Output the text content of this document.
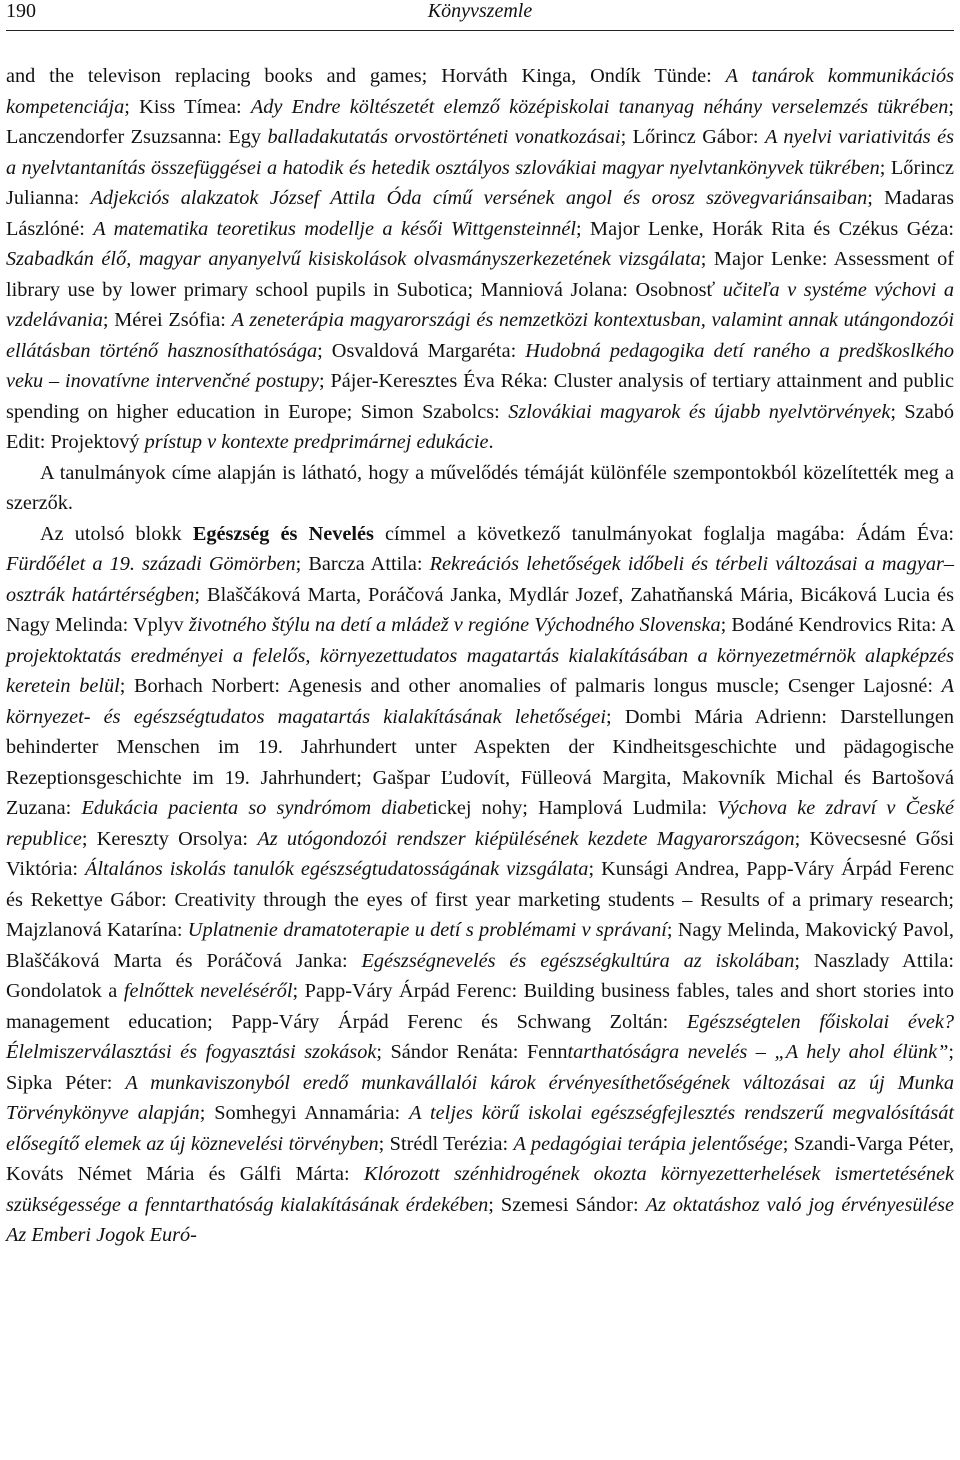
190	Könyvszemle

and the televison replacing books and games; Horváth Kinga, Ondík Tünde: A tanárok kommunikációs kompetenciája; Kiss Tímea: Ady Endre költészetét elemző középiskolai tananyag néhány verselemzés tükrében; Lanczendorfer Zsuzsanna: Egy balladakutatás orvostörténeti vonatkozásai; Lőrincz Gábor: A nyelvi variativitás és a nyelvtantanítás összefüggései a hatodik és hetedik osztályos szlovákiai magyar nyelvtankönyvek tükrében; Lőrincz Julianna: Adjekciós alakzatok József Attila Óda című versének angol és orosz szövegvariánsaiban; Madaras Lászlóné: A matematika teoretikus modellje a késői Wittgensteinnél; Major Lenke, Horák Rita és Czékus Géza: Szabadkán élő, magyar anyanyelvű kisiskolások olvasmányszerkezetének vizsgálata; Major Lenke: Assessment of library use by lower primary school pupils in Subotica; Manniová Jolana: Osobnosť učiteľa v systéme výchovi a vzdelávania; Mérei Zsófia: A zeneterápia magyarországi és nemzetközi kontextusban, valamint annak utángondozói ellátásban történő hasznosíthatósága; Osvaldová Margaréta: Hudobná pedagogika detí raného a predškoslkého veku – inovatívne intervenčné postupy; Pájer-Keresztes Éva Réka: Cluster analysis of tertiary attainment and public spending on higher education in Europe; Simon Szabolcs: Szlovákiai magyarok és újabb nyelvtörvények; Szabó Edit: Projektový prístup v kontexte predprimárnej edukácie.

A tanulmányok címe alapján is látható, hogy a művelődés témáját különféle szempontokból közelítették meg a szerzők.

Az utolsó blokk Egészség és Nevelés címmel a következő tanulmányokat foglalja magába: Ádám Éva: Fürdőélet a 19. századi Gömörben; Barcza Attila: Rekreációs lehetőségek időbeli és térbeli változásai a magyar–osztrák határtérségben; Blaščáková Marta, Poráčová Janka, Mydlár Jozef, Zahatňanská Mária, Bicáková Lucia és Nagy Melinda: Vplyv životného štýlu na detí a mládež v regióne Východného Slovenska; Bodáné Kendrovics Rita: A projektoktatás eredményei a felelős, környezettudatos magatartás kialakításában a környezetmérnök alapképzés keretein belül; Borhach Norbert: Agenesis and other anomalies of palmaris longus muscle; Csenger Lajosné: A környezet- és egészségtudatos magatartás kialakításának lehetőségei; Dombi Mária Adrienn: Darstellungen behinderter Menschen im 19. Jahrhundert unter Aspekten der Kindheitsgeschichte und pädagogische Rezeptionsgeschichte im 19. Jahrhundert; Gašpar Ľudovít, Fülleová Margita, Makovník Michal és Bartošová Zuzana: Edukácia pacienta so syndrómom diabetickej nohy; Hamplová Ludmila: Výchova ke zdraví v České republice; Kereszty Orsolya: Az utógondozói rendszer kiépülésének kezdete Magyarországon; Kövecsesné Gősi Viktória: Általános iskolás tanulók egészségtudatosságának vizsgálata; Kunsági Andrea, Papp-Váry Árpád Ferenc és Rekettye Gábor: Creativity through the eyes of first year marketing students – Results of a primary research; Majzlanová Katarína: Uplatnenie dramatoterapie u detí s problémami v správaní; Nagy Melinda, Makovický Pavol, Blaščáková Marta és Poráčová Janka: Egészségnevelés és egészségkultúra az iskolában; Naszlady Attila: Gondolatok a felnőttek neveléséről; Papp-Váry Árpád Ferenc: Building business fables, tales and short stories into management education; Papp-Váry Árpád Ferenc és Schwang Zoltán: Egészségtelen főiskolai évek? Élelmiszerválasztási és fogyasztási szokások; Sándor Renáta: Fenntarthatóságra nevelés – „A hely ahol élünk”; Sipka Péter: A munkaviszonyból eredő munkavállalói károk érvényesíthetőségének változásai az új Munka Törvénykönyve alapján; Somhegyi Annamária: A teljes körű iskolai egészségfejlesztés rendszerű megvalósítását elősegítő elemek az új köznevelési törvényben; Strédl Terézia: A pedagógiai terápia jelentősége; Szandi-Varga Péter, Kováts Német Mária és Gálfi Márta: Klórozott szénhidrogének okozta környezetterhelések ismertetésének szükségessége a fenntarthatóság kialakításának érdekében; Szemesi Sándor: Az oktatáshoz való jog érvényesülése Az Emberi Jogok Euró-
